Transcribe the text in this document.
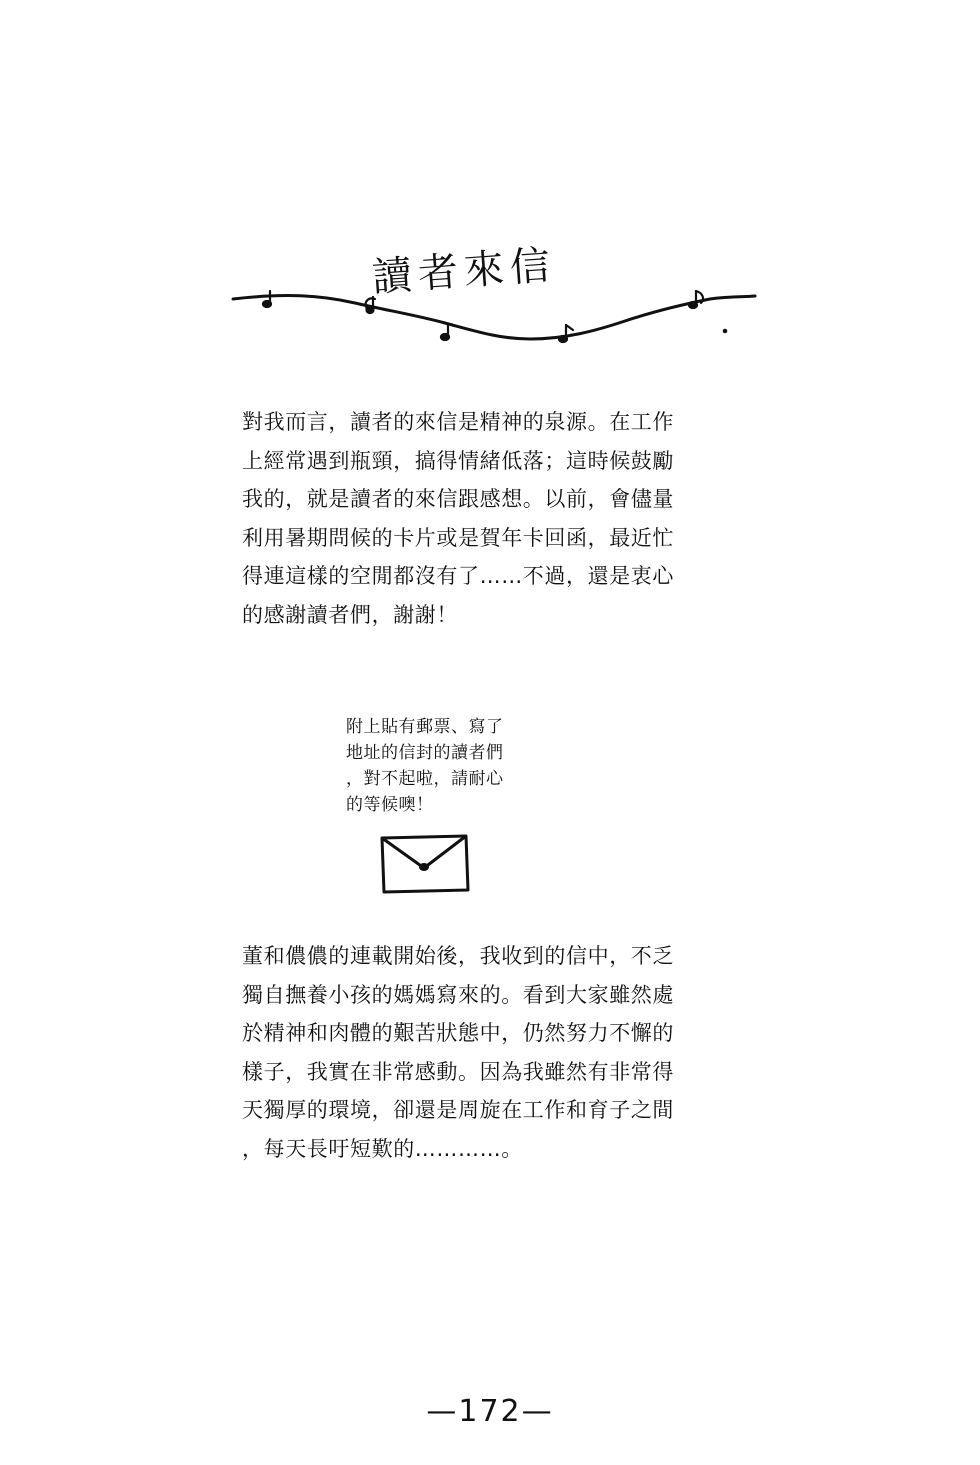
讀者來信
對我而言，讀者的來信是精神的泉源。在工作
上經常遇到瓶頸，搞得情緒低落；這時候鼓勵
我的，就是讀者的來信跟感想。以前，會儘量
利用暑期問候的卡片或是賀年卡回函，最近忙
得連這樣的空閒都沒有了……不過，還是衷心
的感謝讀者們，謝謝！
附上貼有郵票、寫了
地址的信封的讀者們
，對不起啦，請耐心
的等候噢！
董和儂儂的連載開始後，我收到的信中，不乏
獨自撫養小孩的媽媽寫來的。看到大家雖然處
於精神和肉體的艱苦狀態中，仍然努力不懈的
樣子，我實在非常感動。因為我雖然有非常得
天獨厚的環境，卻還是周旋在工作和育子之間
，每天長吁短歎的…………。
—172—
